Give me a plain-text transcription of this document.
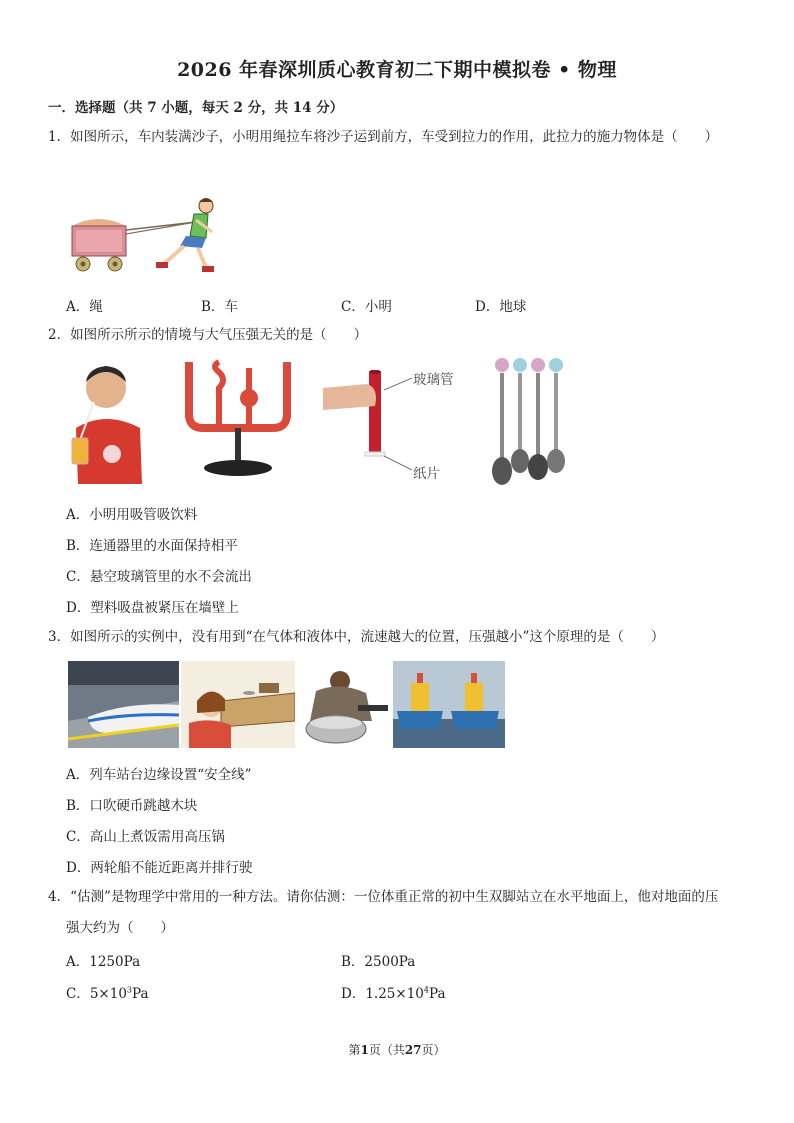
2026 年春深圳质心教育初二下期中模拟卷 • 物理
一．选择题（共 7 小题，每天 2 分，共 14 分）
1．如图所示，车内装满沙子，小明用绳拉车将沙子运到前方，车受到拉力的作用，此拉力的施力物体是（　　）
A．绳	B．车	C．小明	D．地球
2．如图所示所示的情境与大气压强无关的是（　　）
玻璃管
纸片
A．小明用吸管吸饮料
B．连通器里的水面保持相平
C．悬空玻璃管里的水不会流出
D．塑料吸盘被紧压在墙壁上
3．如图所示的实例中，没有用到“在气体和液体中，流速越大的位置，压强越小”这个原理的是（　　）
A．列车站台边缘设置“安全线”
B．口吹硬币跳越木块
C．高山上煮饭需用高压锅
D．两轮船不能近距离并排行驶
4．“估测”是物理学中常用的一种方法。请你估测：一位体重正常的初中生双脚站立在水平地面上，他对地面的压
强大约为（　　）
A．1250Pa	B．2500Pa
C．$5\times 10^3Pa$	D．$1.25\times 10^4Pa$
第1页（共27页）
